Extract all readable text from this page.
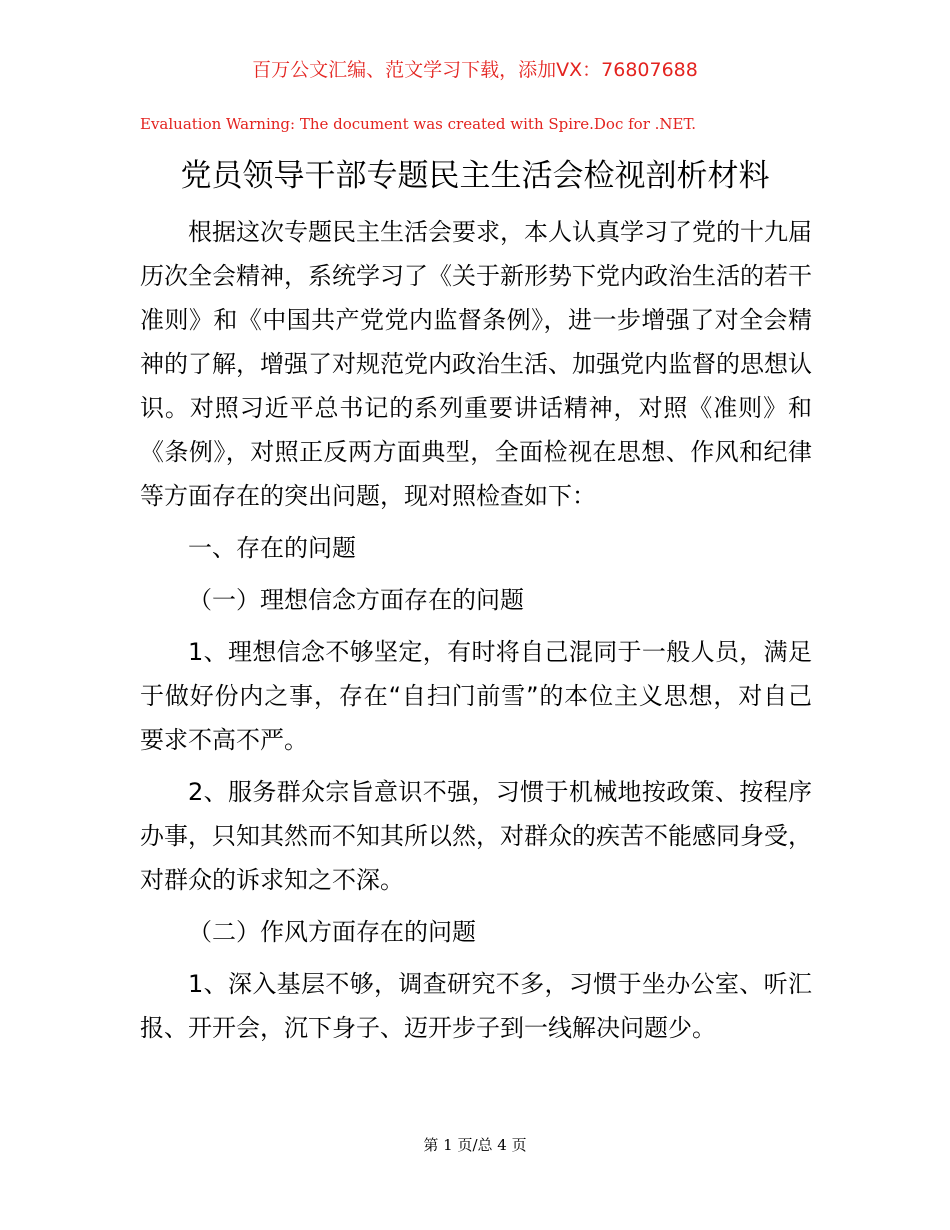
百万公文汇编、范文学习下载，添加VX：76807688
Evaluation Warning: The document was created with Spire.Doc for .NET.
党员领导干部专题民主生活会检视剖析材料

根据这次专题民主生活会要求，本人认真学习了党的十九届历次全会精神，系统学习了《关于新形势下党内政治生活的若干准则》和《中国共产党党内监督条例》，进一步增强了对全会精神的了解，增强了对规范党内政治生活、加强党内监督的思想认识。对照习近平总书记的系列重要讲话精神，对照《准则》和《条例》，对照正反两方面典型，全面检视在思想、作风和纪律等方面存在的突出问题，现对照检查如下：

一、存在的问题

（一）理想信念方面存在的问题

1、理想信念不够坚定，有时将自己混同于一般人员，满足于做好份内之事，存在“自扫门前雪”的本位主义思想，对自己要求不高不严。

2、服务群众宗旨意识不强，习惯于机械地按政策、按程序办事，只知其然而不知其所以然，对群众的疾苦不能感同身受，对群众的诉求知之不深。

（二）作风方面存在的问题

1、深入基层不够，调查研究不多，习惯于坐办公室、听汇报、开开会，沉下身子、迈开步子到一线解决问题少。

第 1 页/总 4 页
